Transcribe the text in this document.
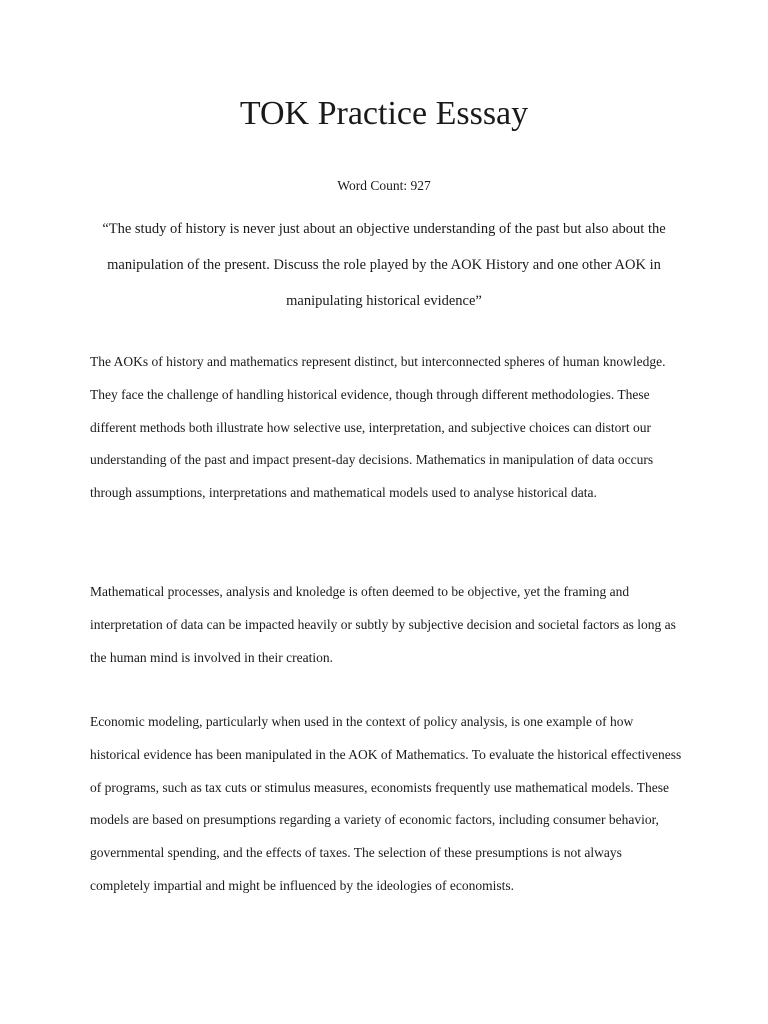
TOK Practice Esssay

Word Count: 927

“The study of history is never just about an objective understanding of the past but also about the manipulation of the present. Discuss the role played by the AOK History and one other AOK in manipulating historical evidence”

The AOKs of history and mathematics represent distinct, but interconnected spheres of human knowledge. They face the challenge of handling historical evidence, though through different methodologies. These different methods both illustrate how selective use, interpretation, and subjective choices can distort our understanding of the past and impact present-day decisions. Mathematics in manipulation of data occurs through assumptions, interpretations and mathematical models used to analyse historical data.

Mathematical processes, analysis and knoledge is often deemed to be objective, yet the framing and interpretation of data can be impacted heavily or subtly by subjective decision and societal factors as long as the human mind is involved in their creation.

Economic modeling, particularly when used in the context of policy analysis, is one example of how historical evidence has been manipulated in the AOK of Mathematics. To evaluate the historical effectiveness of programs, such as tax cuts or stimulus measures, economists frequently use mathematical models. These models are based on presumptions regarding a variety of economic factors, including consumer behavior, governmental spending, and the effects of taxes. The selection of these presumptions is not always completely impartial and might be influenced by the ideologies of economists.
